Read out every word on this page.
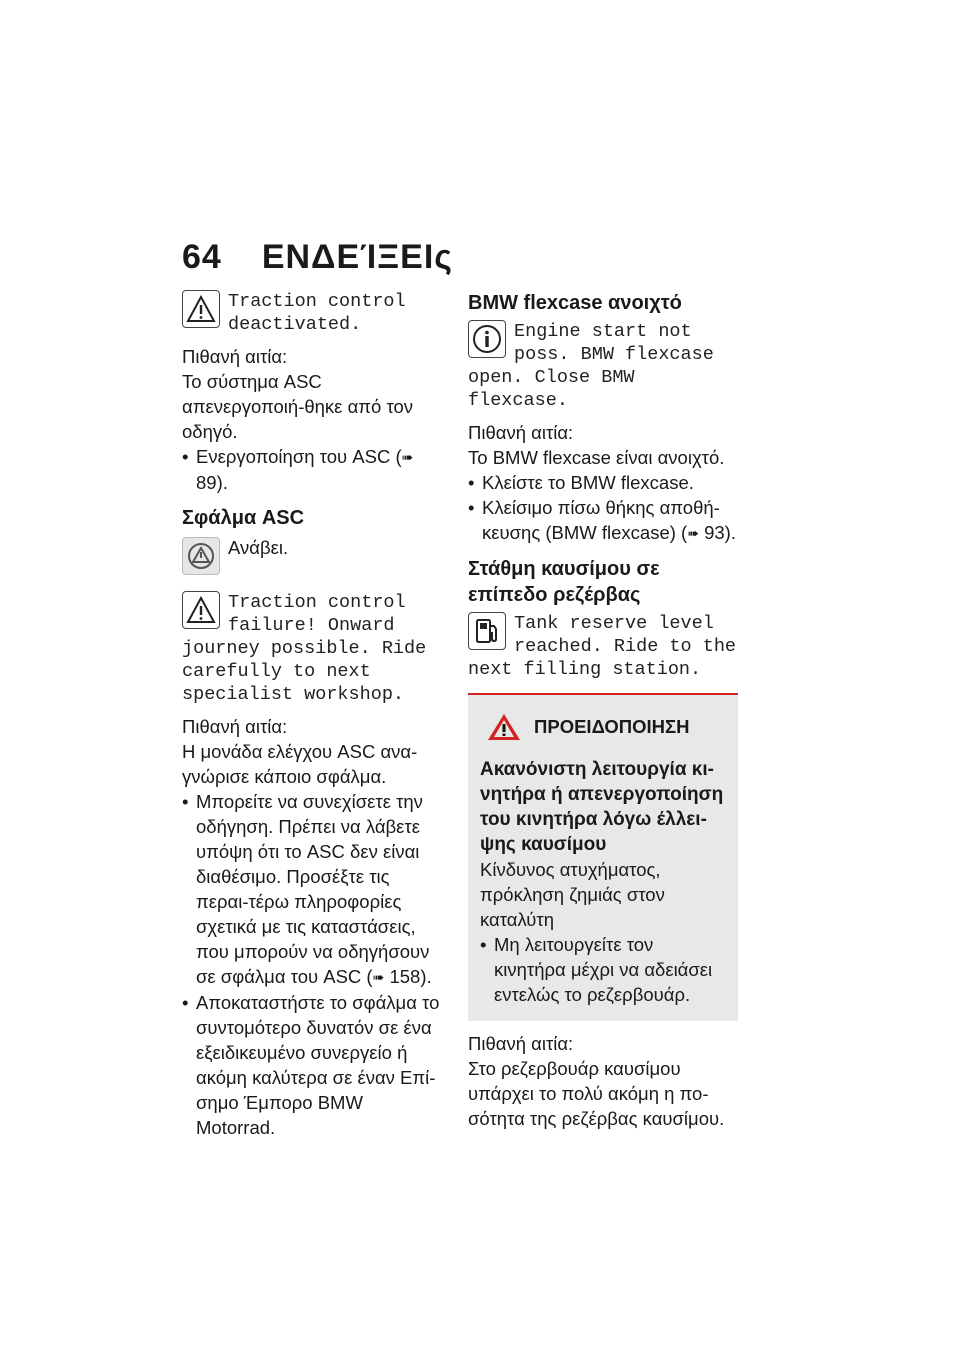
64 ΕΝΔΕΊΞΕΙς
Traction control deactivated.

Πιθανή αιτία:

Το σύστημα ASC απενεργοποιή-θηκε από τον οδηγό.

• Ενεργοποίηση του ASC (➠ 89).
Σφάλμα ASC

Ανάβει.

Traction control failure! Onward journey possible. Ride carefully to next specialist workshop.

Πιθανή αιτία:

Η μονάδα ελέγχου ASC ανα-γνώρισε κάποιο σφάλμα.

• Μπορείτε να συνεχίσετε την οδήγηση. Πρέπει να λάβετε υπόψη ότι το ASC δεν είναι διαθέσιμο. Προσέξτε τις περαι-τέρω πληροφορίες σχετικά με τις καταστάσεις, που μπορούν να οδηγήσουν σε σφάλμα του ASC (➠ 158).
• Αποκαταστήστε το σφάλμα το συντομότερο δυνατόν σε ένα εξειδικευμένο συνεργείο ή ακόμη καλύτερα σε έναν Επί-σημο Έμπορο BMW Motorrad.
BMW flexcase ανοιχτό
Engine start not poss. BMW flexcase open. Close BMW flexcase.

Πιθανή αιτία:

Το BMW flexcase είναι ανοιχτό.

• Κλείστε το BMW flexcase.
• Κλείσιμο πίσω θήκης αποθή-κευσης (BMW flexcase) (➠ 93).
Στάθμη καυσίμου σε επίπεδο ρεζέρβας
Tank reserve level reached. Ride to the next filling station.
ΠΡΟΕΙΔΟΠΟΙΗΣΗ
Ακανόνιστη λειτουργία κι-νητήρα ή απενεργοποίηση του κινητήρα λόγω έλλει-ψης καυσίμου

Κίνδυνος ατυχήματος, πρόκληση ζημιάς στον καταλύτη

• Μη λειτουργείτε τον κινητήρα μέχρι να αδειάσει εντελώς το ρεζερβουάρ.

Πιθανή αιτία:

Στο ρεζερβουάρ καυσίμου υπάρχει το πολύ ακόμη η πο-σότητα της ρεζέρβας καυσίμου.
